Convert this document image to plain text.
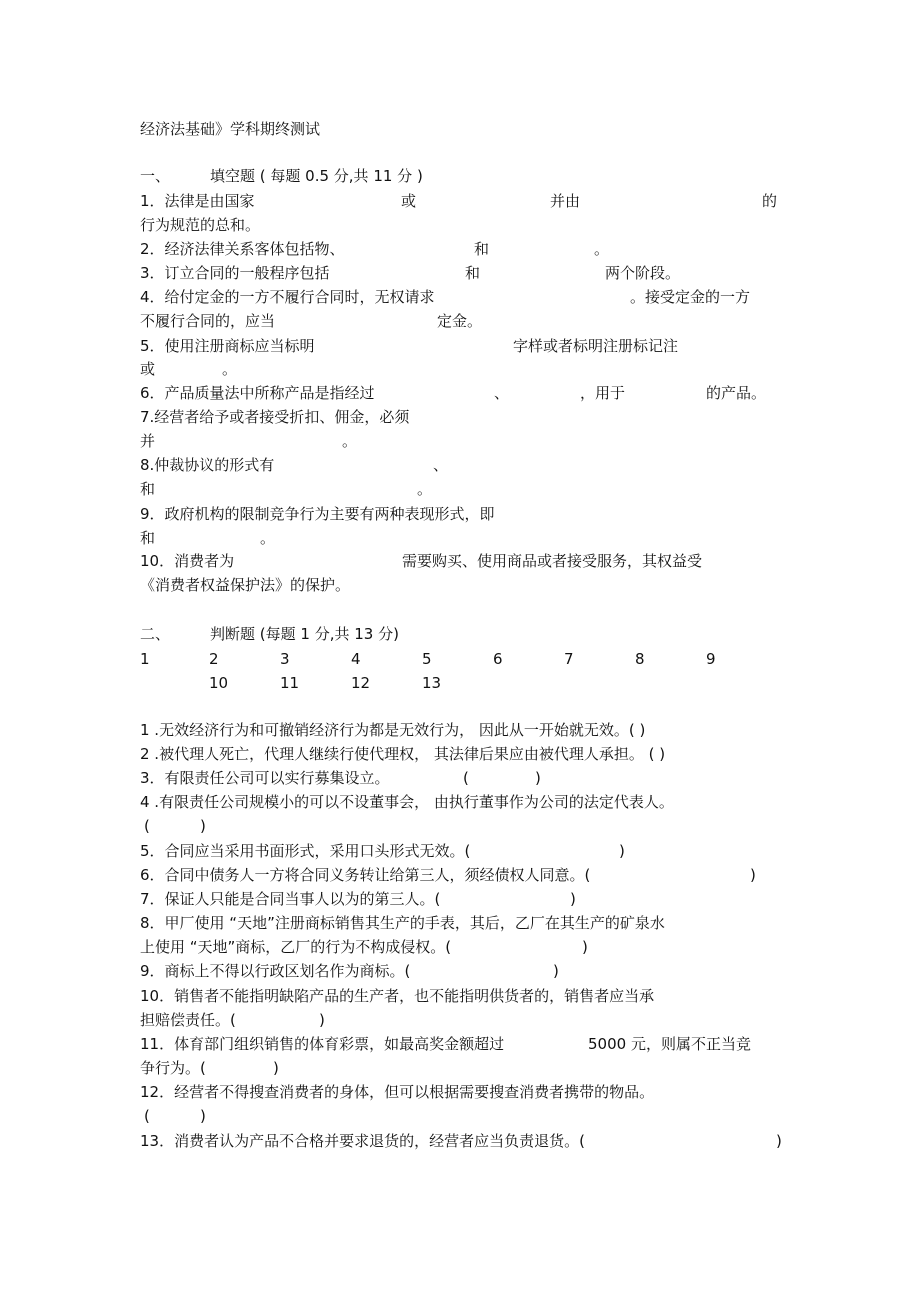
经济法基础》学科期终测试
一、	填空题 ( 每题 0.5 分,共 11 分 )
1．法律是由国家	或	并由	的
行为规范的总和。
2．经济法律关系客体包括物、	和	。
3．订立合同的一般程序包括	和	两个阶段。
4．给付定金的一方不履行合同时，无权请求	。接受定金的一方
不履行合同的，应当	定金。
5．使用注册商标应当标明	字样或者标明注册标记注
或	。
6．产品质量法中所称产品是指经过	、	，用于	的产品。
7.经营者给予或者接受折扣、佣金，必须
并	。
8.仲裁协议的形式有	、
和	。
9．政府机构的限制竞争行为主要有两种表现形式，即
和	。
10．消费者为	需要购买、使用商品或者接受服务，其权益受
《消费者权益保护法》的保护。
二、	判断题 (每题 1 分,共 13 分)
1	2	3	4	5	6	7	8	9
10	11	12	13
1 .无效经济行为和可撤销经济行为都是无效行为， 因此从一开始就无效。( )
2 .被代理人死亡，代理人继续行使代理权， 其法律后果应由被代理人承担。 ( )
3．有限责任公司可以实行募集设立。	(	)
4 .有限责任公司规模小的可以不设董事会， 由执行董事作为公司的法定代表人。
(	)
5．合同应当采用书面形式，采用口头形式无效。(	)
6．合同中债务人一方将合同义务转让给第三人，须经债权人同意。(	)
7．保证人只能是合同当事人以为的第三人。(	)
8．甲厂使用 “天地”注册商标销售其生产的手表，其后，乙厂在其生产的矿泉水
上使用 “天地”商标，乙厂的行为不构成侵权。(	)
9．商标上不得以行政区划名作为商标。(	)
10．销售者不能指明缺陷产品的生产者，也不能指明供货者的，销售者应当承
担赔偿责任。(	)
11．体育部门组织销售的体育彩票，如最高奖金额超过	5000 元，则属不正当竞
争行为。(	)
12．经营者不得搜查消费者的身体，但可以根据需要搜查消费者携带的物品。
(	)
13．消费者认为产品不合格并要求退货的，经营者应当负责退货。(	)
